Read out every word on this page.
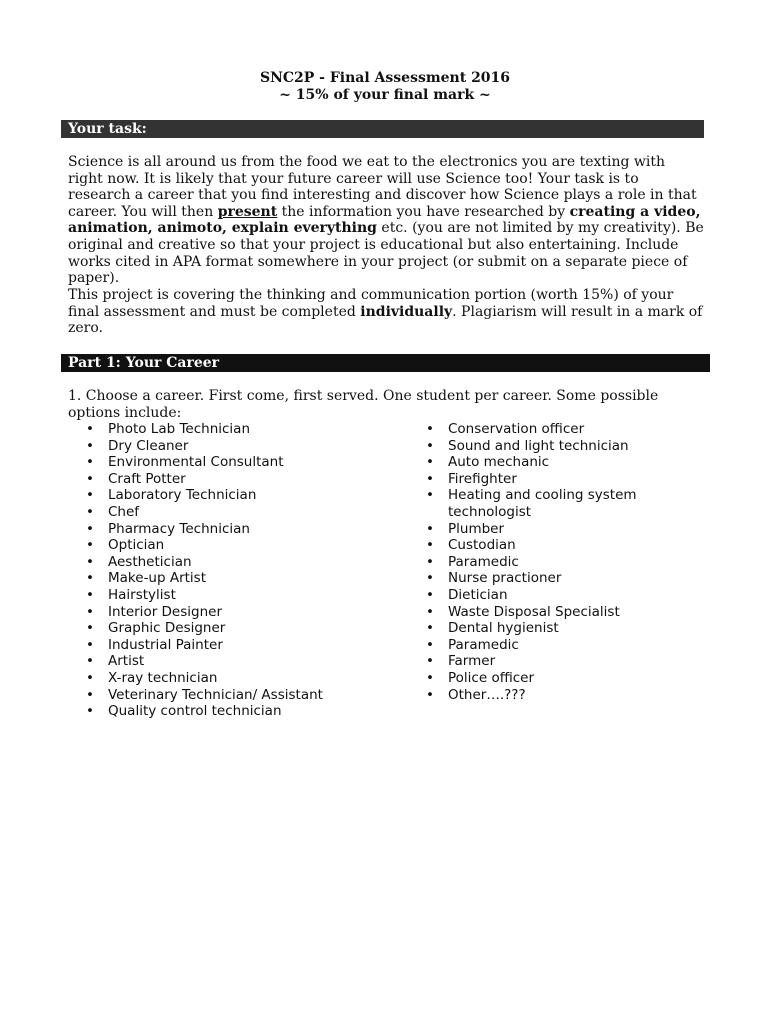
SNC2P - Final Assessment 2016
~ 15% of your final mark ~
Your task:

Science is all around us from the food we eat to the electronics you are texting with right now. It is likely that your future career will use Science too! Your task is to research a career that you find interesting and discover how Science plays a role in that career. You will then present the information you have researched by creating a video, animation, animoto, explain everything etc. (you are not limited by my creativity). Be original and creative so that your project is educational but also entertaining. Include works cited in APA format somewhere in your project (or submit on a separate piece of paper).

This project is covering the thinking and communication portion (worth 15%) of your final assessment and must be completed individually. Plagiarism will result in a mark of zero.

Part 1: Your Career

1. Choose a career. First come, first served. One student per career. Some possible options include:

•	Photo Lab Technician
•	Dry Cleaner
•	Environmental Consultant
•	Craft Potter
•	Laboratory Technician
•	Chef
•	Pharmacy Technician
•	Optician
•	Aesthetician
•	Make-up Artist
•	Hairstylist
•	Interior Designer
•	Graphic Designer
•	Industrial Painter
•	Artist
•	X-ray technician
•	Veterinary Technician/ Assistant
•	Quality control technician
•	Conservation officer
•	Sound and light technician
•	Auto mechanic
•	Firefighter
•	Heating and cooling system technologist
•	Plumber
•	Custodian
•	Paramedic
•	Nurse practioner
•	Dietician
•	Waste Disposal Specialist
•	Dental hygienist
•	Paramedic
•	Farmer
•	Police officer
•	Other….???
